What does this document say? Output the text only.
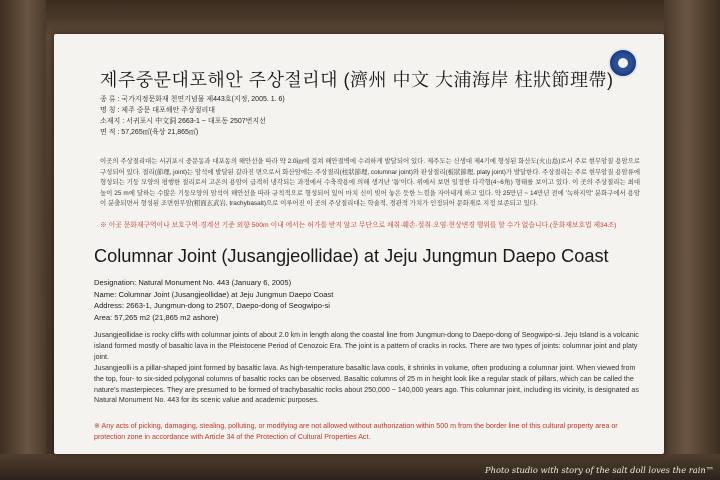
제주중문대포해안 주상절리대 (濟州 中文 大浦海岸 柱狀節理帶)
종 류 : 국가지정문화재 천연기념물 제443호(지정, 2005. 1. 6)
명 칭 : 제주 중문 대포해안 주상절리대
소재지 : 서귀포시 中文洞 2663-1 ~ 대포동 2507번지선
면 적 : 57,265㎡(육상 21,865㎡)
이곳의 주상절리대는 서귀포시 중문동과 대포동의 해안선을 따라 약 2.0㎞에 걸쳐 해안절벽에 수려하게 발달되어 있다. 제주도는 신생대 제4기에 형성된 화산도(火山島)로서 주로 현무암질 용암으로 구성되어 있다. 절리(節理, joint)는 암석에 발달된 갈라진 면으로서 화산암에는 주상절리(柱狀節理, columnar joint)와 판상절리(板狀節理, platy joint)가 발달한다. 주상절리는 주로 현무암질 용암류에 형성되는 기둥 모양의 평행한 절리로서 고온의 용암이 급격히 냉각되는 과정에서 수축작용에 의해 생겨난 '틈'이다. 위에서 보면 일정한 다각형(4~6角) 형태를 보이고 있다. 이 곳의 주상절리는 최대 높이 25 m에 달하는 수많은 기둥모양의 암석이 해안선을 따라 규칙적으로 형성되어 있어 마치 신이 빚어 놓은 듯한 느낌을 자아내게 하고 있다. 약 25만년 ~ 14만년 전에 '녹하지악' 분화구에서 용암이 분출되면서 형성된 조면현무암(粗面玄武岩, trachybasalt)으로 이루어진 이 곳의 주상절리대는 학술적, 경관적 가치가 인정되어 문화재로 지정 보존되고 있다.
※ 이곳 문화재구역이나 보호구역·경계선 기준 외향 500m 이내 에서는 허가를 받지 않고 무단으로 채취·훼손·절취·오염·현상변경 행위를 할 수가 없습니다.(문화재보호법 제34조)
Columnar Joint (Jusangjeollidae) at Jeju Jungmun Daepo Coast
Designation: Natural Monument No. 443 (January 6, 2005)
Name: Columnar Joint (Jusangjeollidae) at Jeju Jungmun Daepo Coast
Address: 2663-1, Jungmun-dong to 2507, Daepo-dong of Seogwipo-si
Area: 57,265 m2 (21,865 m2 ashore)

Jusangjeollidae is rocky cliffs with columnar joints of about 2.0 km in length along the coastal line from Jungmun-dong to Daepo-dong of Seogwipo-si. Jeju Island is a volcanic island formed mostly of basaltic lava in the Pleistocene Period of Cenozoic Era. The joint is a pattern of cracks in rocks. There are two types of joints: columnar joint and platy joint.

Jusangjeolli is a pillar-shaped joint formed by basaltic lava. As high-temperature basaltic lava cools, it shrinks in volume, often producing a columnar joint. When viewed from the top, four- to six-sided polygonal columns of basaltic rocks can be observed. Basaltic columns of 25 m in height look like a regular stack of pillars, which can be called the nature's masterpieces. They are presumed to be formed of trachybasaltic rocks about 250,000 ~ 140,000 years ago. This columnar joint, including its vicinity, is designated as Natural Monument No. 443 for its scenic value and academic purposes.

※ Any acts of picking, damaging, stealing, polluting, or modifying are not allowed without authorization within 500 m from the border line of this cultural property area or protection zone in accordance with Article 34 of the Protection of Cultural Properties Act.
Photo studio with story of the salt doll loves the rain™
